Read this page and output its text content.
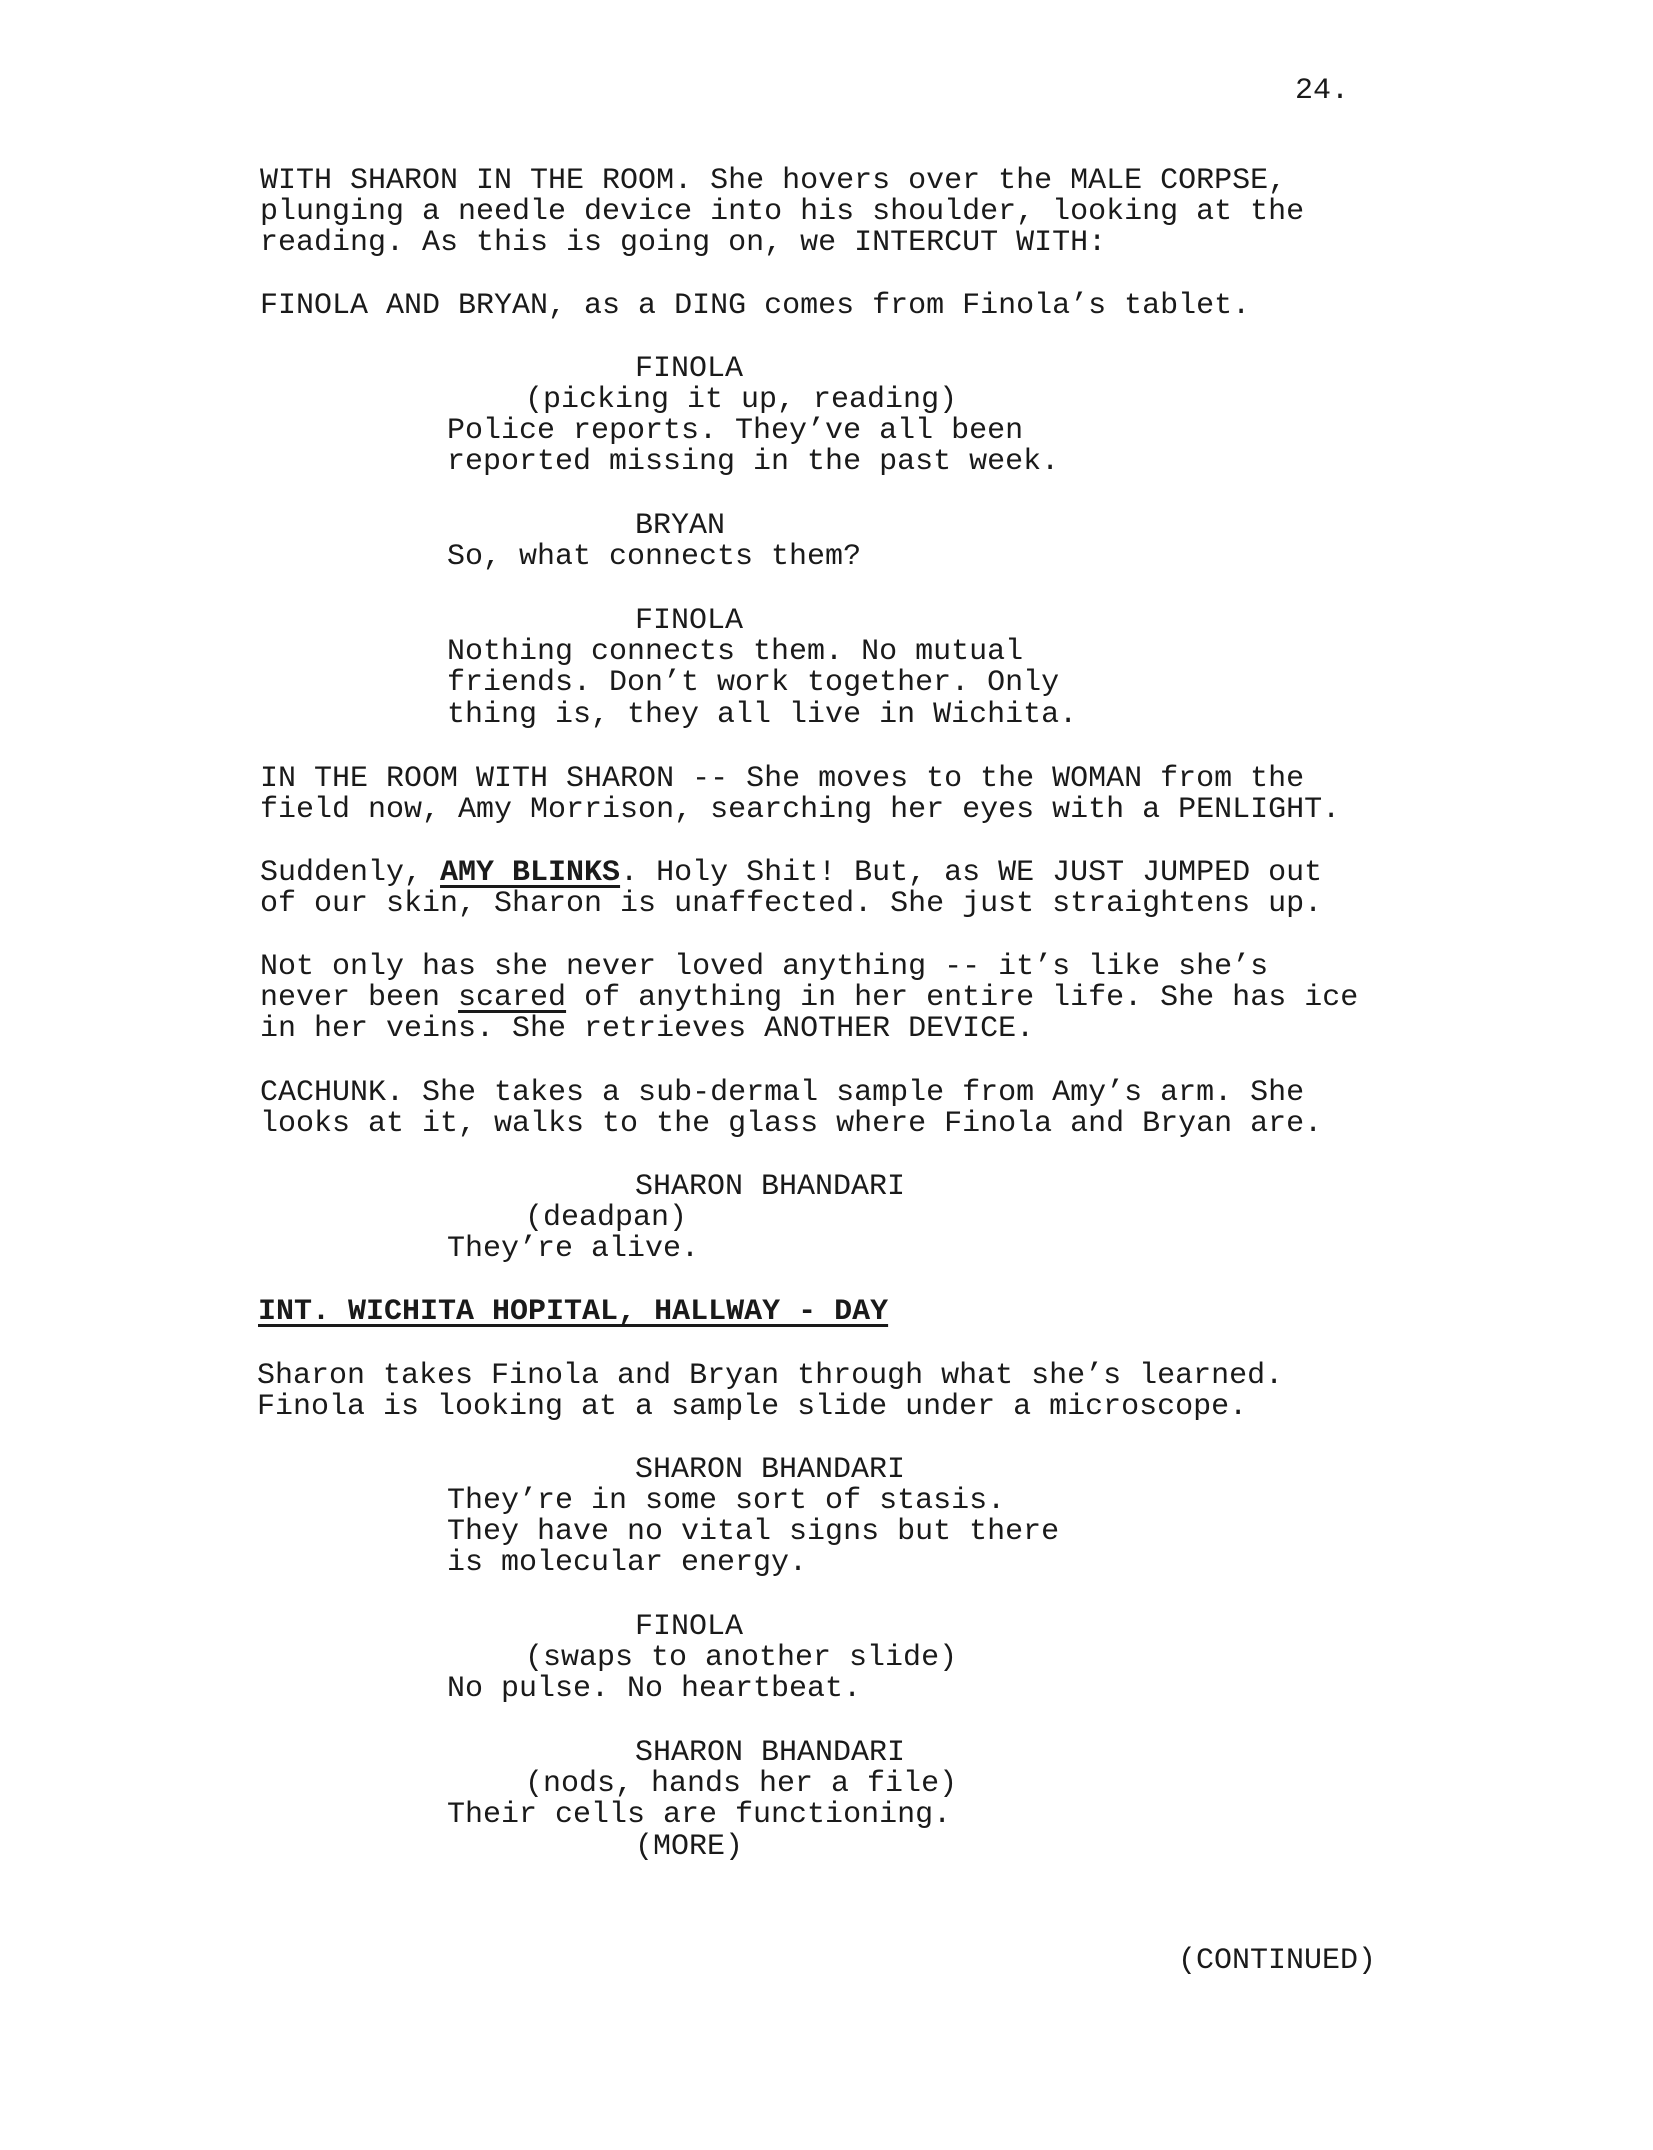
24.
WITH SHARON IN THE ROOM. She hovers over the MALE CORPSE,
plunging a needle device into his shoulder, looking at the
reading. As this is going on, we INTERCUT WITH:
FINOLA AND BRYAN, as a DING comes from Finola’s tablet.
FINOLA
(picking it up, reading)
Police reports. They’ve all been
reported missing in the past week.
BRYAN
So, what connects them?
FINOLA
Nothing connects them. No mutual
friends. Don’t work together. Only
thing is, they all live in Wichita.
IN THE ROOM WITH SHARON -- She moves to the WOMAN from the
field now, Amy Morrison, searching her eyes with a PENLIGHT.
Suddenly, AMY BLINKS. Holy Shit! But, as WE JUST JUMPED out
of our skin, Sharon is unaffected. She just straightens up.
Not only has she never loved anything -- it’s like she’s
never been scared of anything in her entire life. She has ice
in her veins. She retrieves ANOTHER DEVICE.
CACHUNK. She takes a sub-dermal sample from Amy’s arm. She
looks at it, walks to the glass where Finola and Bryan are.
SHARON BHANDARI
(deadpan)
They’re alive.
INT. WICHITA HOPITAL, HALLWAY - DAY
Sharon takes Finola and Bryan through what she’s learned.
Finola is looking at a sample slide under a microscope.
SHARON BHANDARI
They’re in some sort of stasis.
They have no vital signs but there
is molecular energy.
FINOLA
(swaps to another slide)
No pulse. No heartbeat.
SHARON BHANDARI
(nods, hands her a file)
Their cells are functioning.
(MORE)
(CONTINUED)
